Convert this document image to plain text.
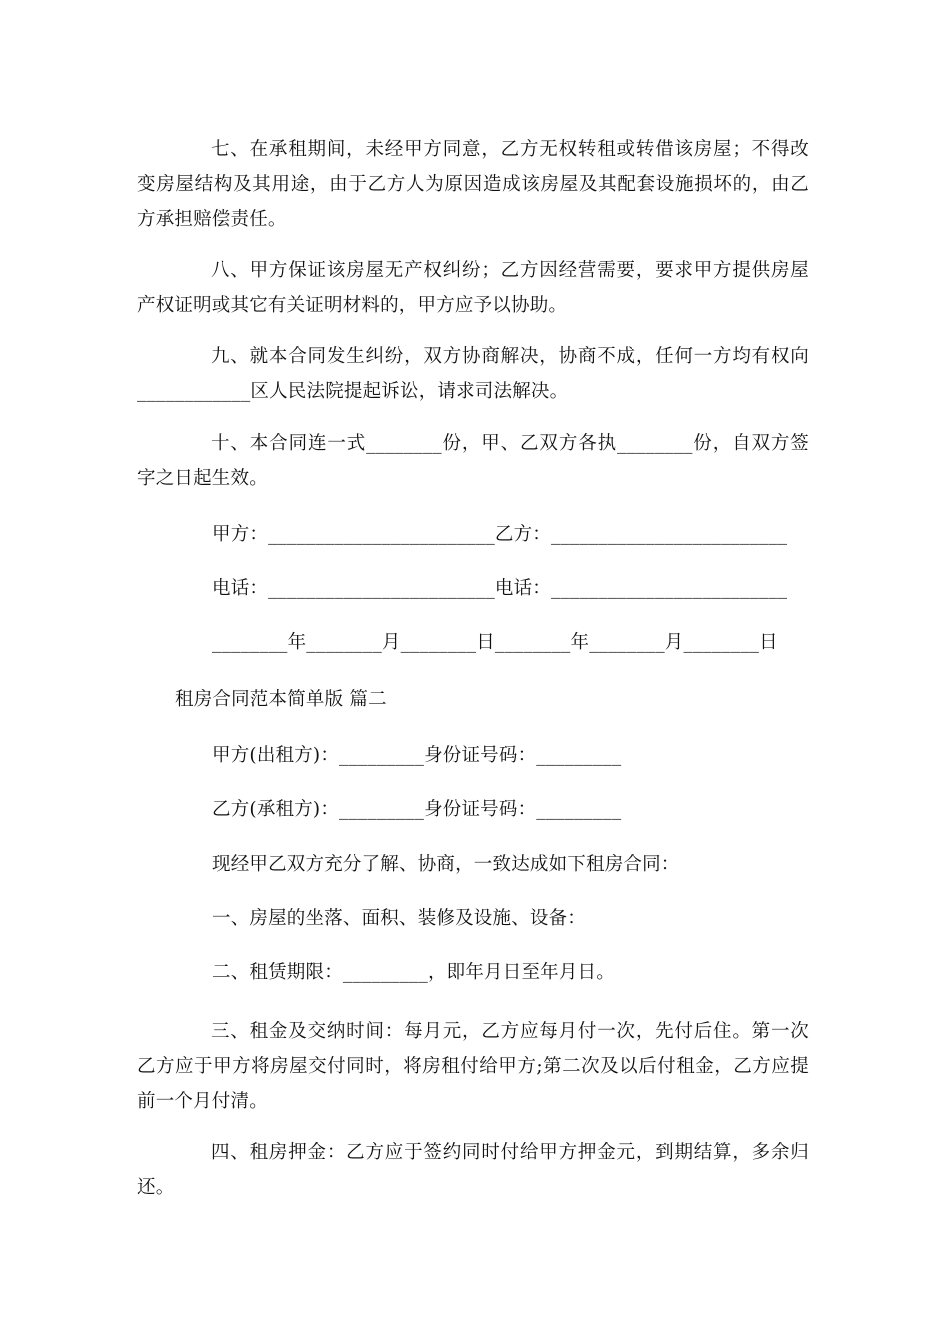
七、在承租期间，未经甲方同意，乙方无权转租或转借该房屋；不得改变房屋结构及其用途，由于乙方人为原因造成该房屋及其配套设施损坏的，由乙方承担赔偿责任。

八、甲方保证该房屋无产权纠纷；乙方因经营需要，要求甲方提供房屋产权证明或其它有关证明材料的，甲方应予以协助。

九、就本合同发生纠纷，双方协商解决，协商不成，任何一方均有权向____________区人民法院提起诉讼，请求司法解决。

十、本合同连一式________份，甲、乙双方各执________份，自双方签字之日起生效。

甲方：________________________乙方：_________________________
电话：________________________电话：_________________________
________年________月________日________年________月________日
租房合同范本简单版 篇二
甲方(出租方)：_________身份证号码：_________
乙方(承租方)：_________身份证号码：_________
现经甲乙双方充分了解、协商，一致达成如下租房合同：
一、房屋的坐落、面积、装修及设施、设备：
二、租赁期限：_________，即年月日至年月日。

三、租金及交纳时间：每月元，乙方应每月付一次，先付后住。第一次乙方应于甲方将房屋交付同时，将房租付给甲方;第二次及以后付租金，乙方应提前一个月付清。

四、租房押金：乙方应于签约同时付给甲方押金元，到期结算，多余归还。
